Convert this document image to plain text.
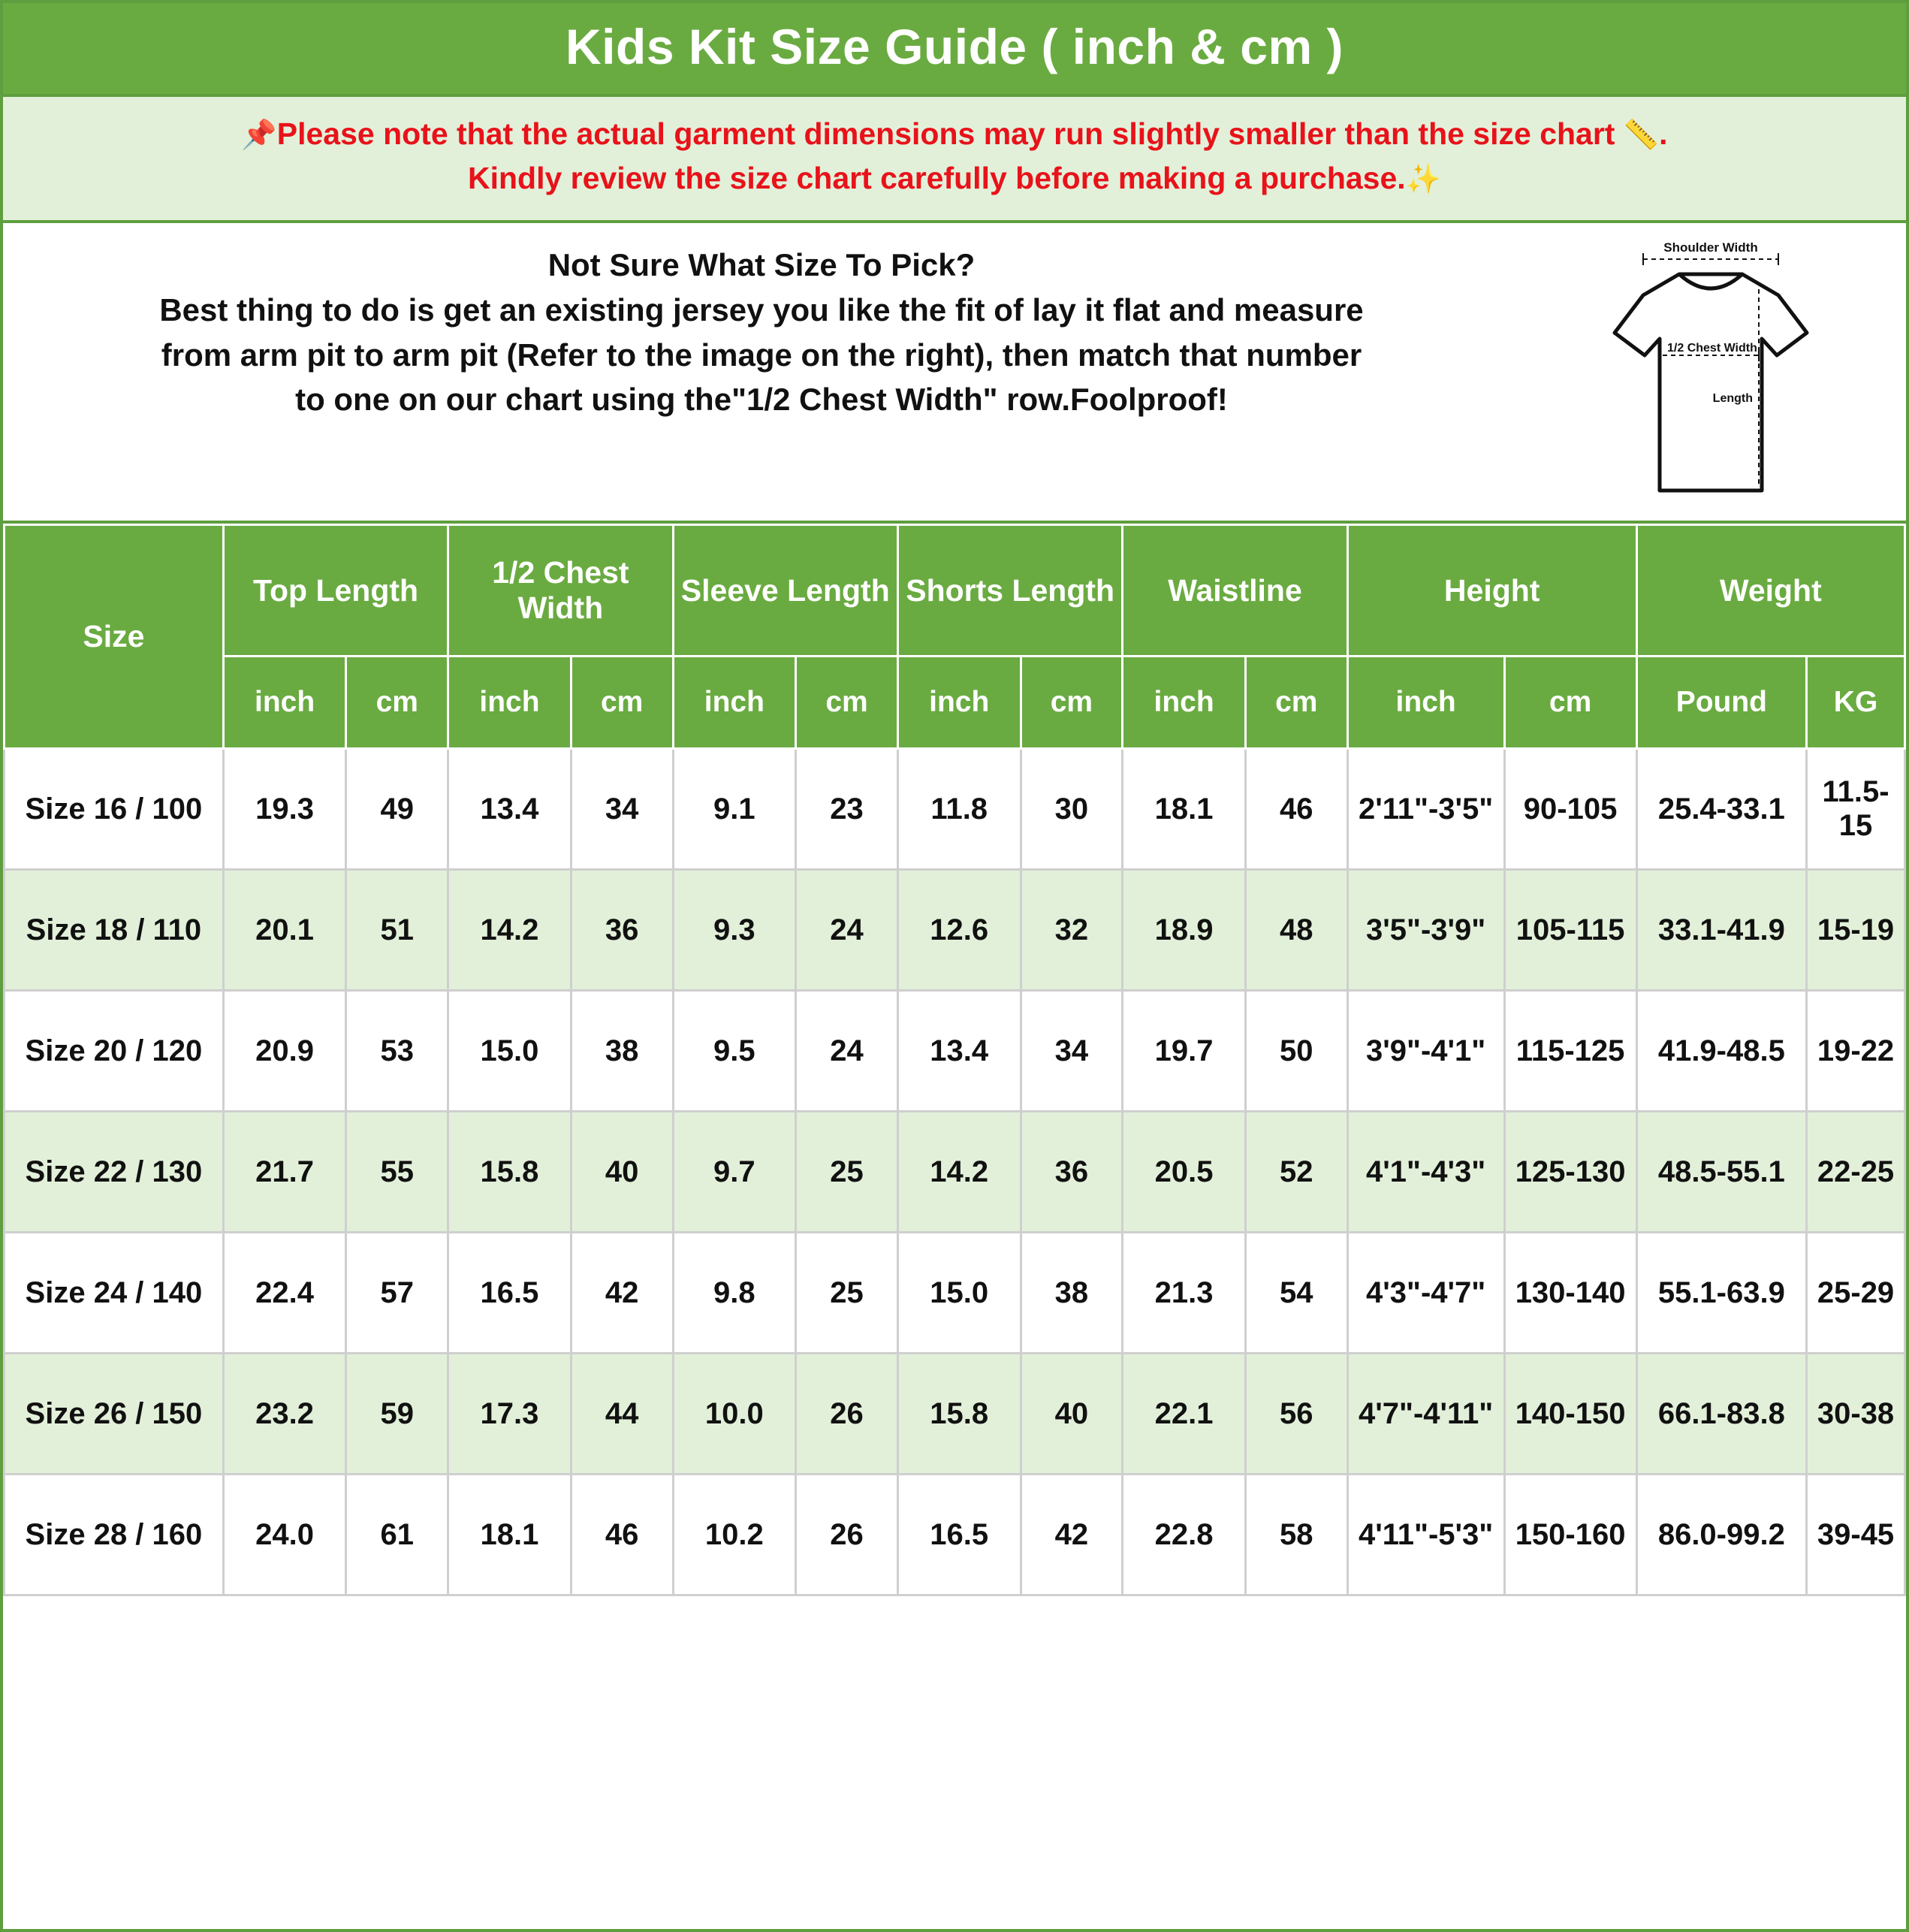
Kids Kit Size Guide ( inch & cm )
📌Please note that the actual garment dimensions may run slightly smaller than the size chart 📏.
Kindly review the size chart carefully before making a purchase.✨
Not Sure What Size To Pick?
Best thing to do is get an existing jersey you like the fit of lay it flat and measure
from arm pit to arm pit (Refer to the image on the right), then match that number
to one on our chart using the"1/2 Chest Width" row.Foolproof!
Shoulder Width
1/2 Chest Width
Length
Size	Top Length		1/2 Chest Width		Sleeve Length		Shorts Length		Waistline		Height		Weight	
	inch	cm	inch	cm	inch	cm	inch	cm	inch	cm	inch	cm	Pound	KG
Size 16 / 100	19.3	49	13.4	34	9.1	23	11.8	30	18.1	46	2'11"-3'5"	90-105	25.4-33.1	11.5-15
Size 18 / 110	20.1	51	14.2	36	9.3	24	12.6	32	18.9	48	3'5"-3'9"	105-115	33.1-41.9	15-19
Size 20 / 120	20.9	53	15.0	38	9.5	24	13.4	34	19.7	50	3'9"-4'1"	115-125	41.9-48.5	19-22
Size 22 / 130	21.7	55	15.8	40	9.7	25	14.2	36	20.5	52	4'1"-4'3"	125-130	48.5-55.1	22-25
Size 24 / 140	22.4	57	16.5	42	9.8	25	15.0	38	21.3	54	4'3"-4'7"	130-140	55.1-63.9	25-29
Size 26 / 150	23.2	59	17.3	44	10.0	26	15.8	40	22.1	56	4'7"-4'11"	140-150	66.1-83.8	30-38
Size 28 / 160	24.0	61	18.1	46	10.2	26	16.5	42	22.8	58	4'11"-5'3"	150-160	86.0-99.2	39-45
